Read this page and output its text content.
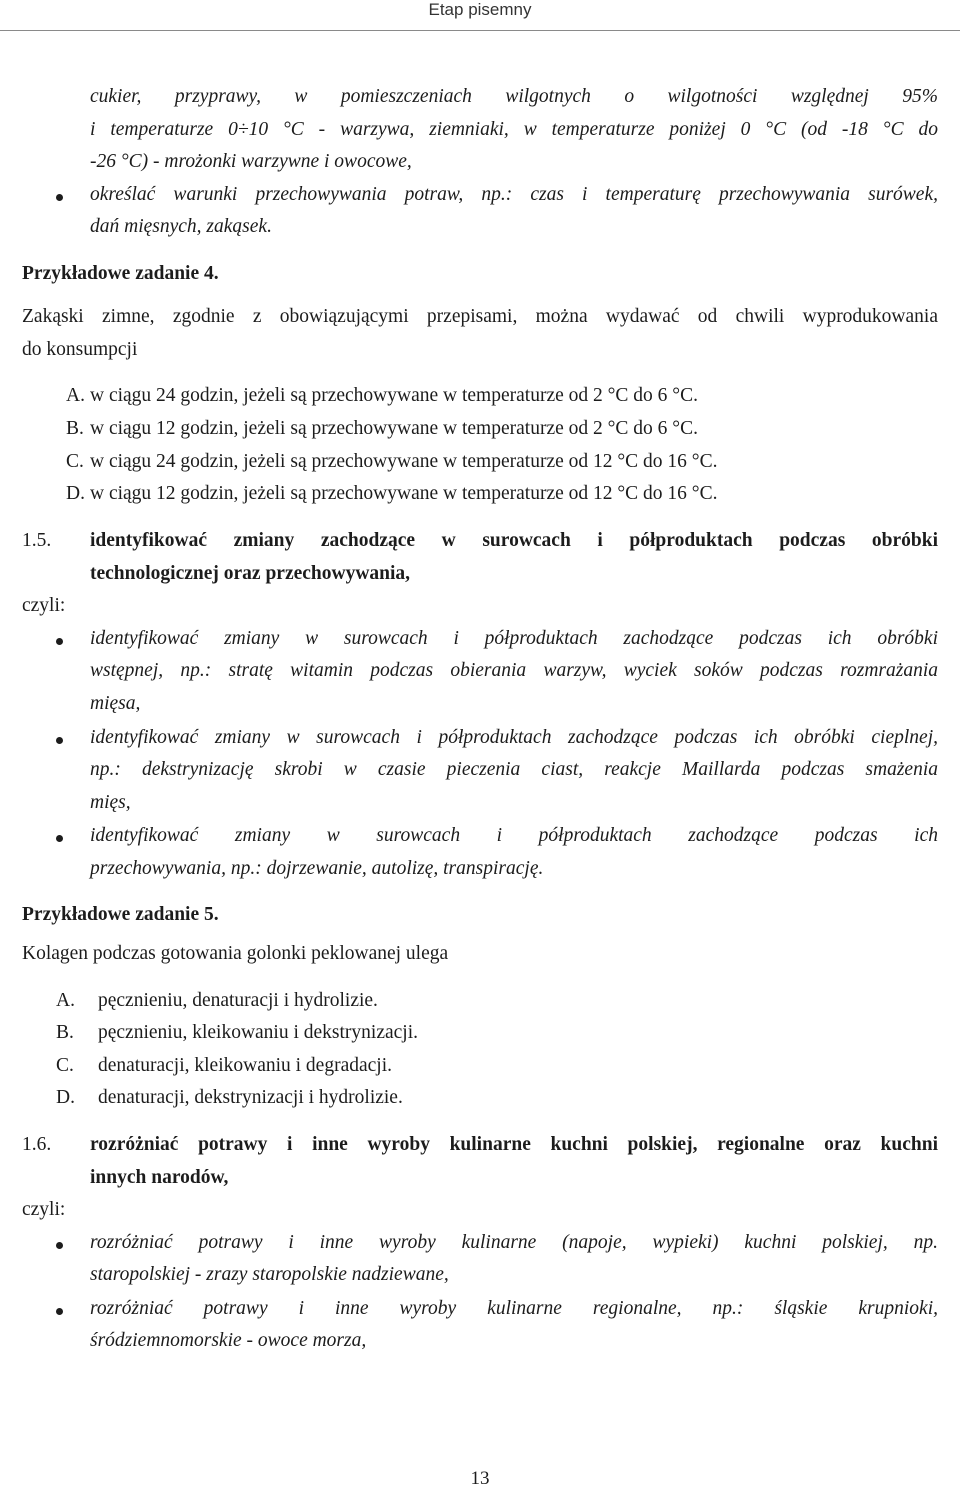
Etap pisemny
cukier, przyprawy, w pomieszczeniach wilgotnych o wilgotności względnej 95%
i temperaturze 0÷10 °C - warzywa, ziemniaki, w temperaturze poniżej 0 °C (od -18 °C do
-26 °C) - mrożonki warzywne i owocowe,
określać warunki przechowywania potraw, np.: czas i temperaturę przechowywania surówek,
dań mięsnych, zakąsek.
Przykładowe zadanie 4.
Zakąski zimne, zgodnie z obowiązującymi przepisami, można wydawać od chwili wyprodukowania
do konsumpcji
A. w ciągu 24 godzin, jeżeli są przechowywane w temperaturze od 2 °C do 6 °C.
B. w ciągu 12 godzin, jeżeli są przechowywane w temperaturze od 2 °C do 6 °C.
C. w ciągu 24 godzin, jeżeli są przechowywane w temperaturze od 12 °C do 16 °C.
D. w ciągu 12 godzin, jeżeli są przechowywane w temperaturze od 12 °C do 16 °C.
1.5. identyfikować zmiany zachodzące w surowcach i półproduktach podczas obróbki
technologicznej oraz przechowywania,
czyli:
identyfikować zmiany w surowcach i półproduktach zachodzące podczas ich obróbki
wstępnej, np.: stratę witamin podczas obierania warzyw, wyciek soków podczas rozmrażania
mięsa,
identyfikować zmiany w surowcach i półproduktach zachodzące podczas ich obróbki cieplnej,
np.: dekstrynizację skrobi w czasie pieczenia ciast, reakcje Maillarda podczas smażenia
mięs,
identyfikować zmiany w surowcach i półproduktach zachodzące podczas ich
przechowywania, np.: dojrzewanie, autolizę, transpirację.
Przykładowe zadanie 5.
Kolagen podczas gotowania golonki peklowanej ulega
A. pęcznieniu, denaturacji i hydrolizie.
B. pęcznieniu, kleikowaniu i dekstrynizacji.
C. denaturacji, kleikowaniu i degradacji.
D. denaturacji, dekstrynizacji i hydrolizie.
1.6. rozróżniać potrawy i inne wyroby kulinarne kuchni polskiej, regionalne oraz kuchni
innych narodów,
czyli:
rozróżniać potrawy i inne wyroby kulinarne (napoje, wypieki) kuchni polskiej, np.
staropolskiej - zrazy staropolskie nadziewane,
rozróżniać potrawy i inne wyroby kulinarne regionalne, np.: śląskie krupnioki,
śródziemnomorskie - owoce morza,
13
